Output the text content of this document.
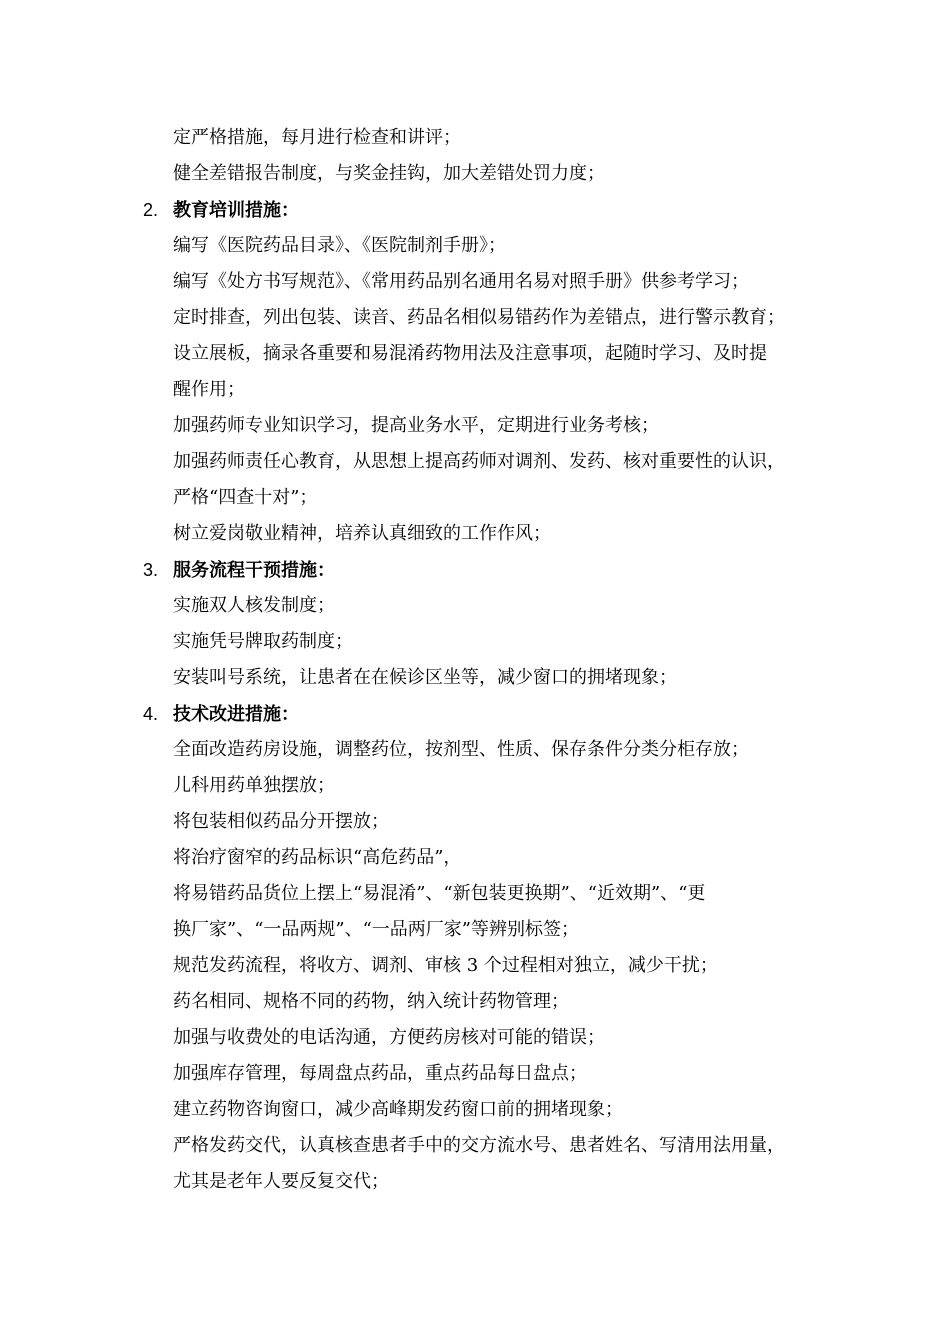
定严格措施，每月进行检查和讲评；
健全差错报告制度，与奖金挂钩，加大差错处罚力度；
2. 教育培训措施：
编写《医院药品目录》、《医院制剂手册》；
编写《处方书写规范》、《常用药品别名通用名易对照手册》供参考学习；
定时排查，列出包装、读音、药品名相似易错药作为差错点，进行警示教育；
设立展板，摘录各重要和易混淆药物用法及注意事项，起随时学习、及时提
醒作用；
加强药师专业知识学习，提高业务水平，定期进行业务考核；
加强药师责任心教育，从思想上提高药师对调剂、发药、核对重要性的认识，
严格“四查十对”；
树立爱岗敬业精神，培养认真细致的工作作风；
3. 服务流程干预措施：
实施双人核发制度；
实施凭号牌取药制度；
安装叫号系统，让患者在在候诊区坐等，减少窗口的拥堵现象；
4. 技术改进措施：
全面改造药房设施，调整药位，按剂型、性质、保存条件分类分柜存放；
儿科用药单独摆放；
将包装相似药品分开摆放；
将治疗窗窄的药品标识“高危药品”，
将易错药品货位上摆上“易混淆”、“新包装更换期”、“近效期”、“更
换厂家”、“一品两规”、“一品两厂家”等辨别标签；
规范发药流程，将收方、调剂、审核 3 个过程相对独立，减少干扰；
药名相同、规格不同的药物，纳入统计药物管理；
加强与收费处的电话沟通，方便药房核对可能的错误；
加强库存管理，每周盘点药品，重点药品每日盘点；
建立药物咨询窗口，减少高峰期发药窗口前的拥堵现象；
严格发药交代，认真核查患者手中的交方流水号、患者姓名、写清用法用量，
尤其是老年人要反复交代；
